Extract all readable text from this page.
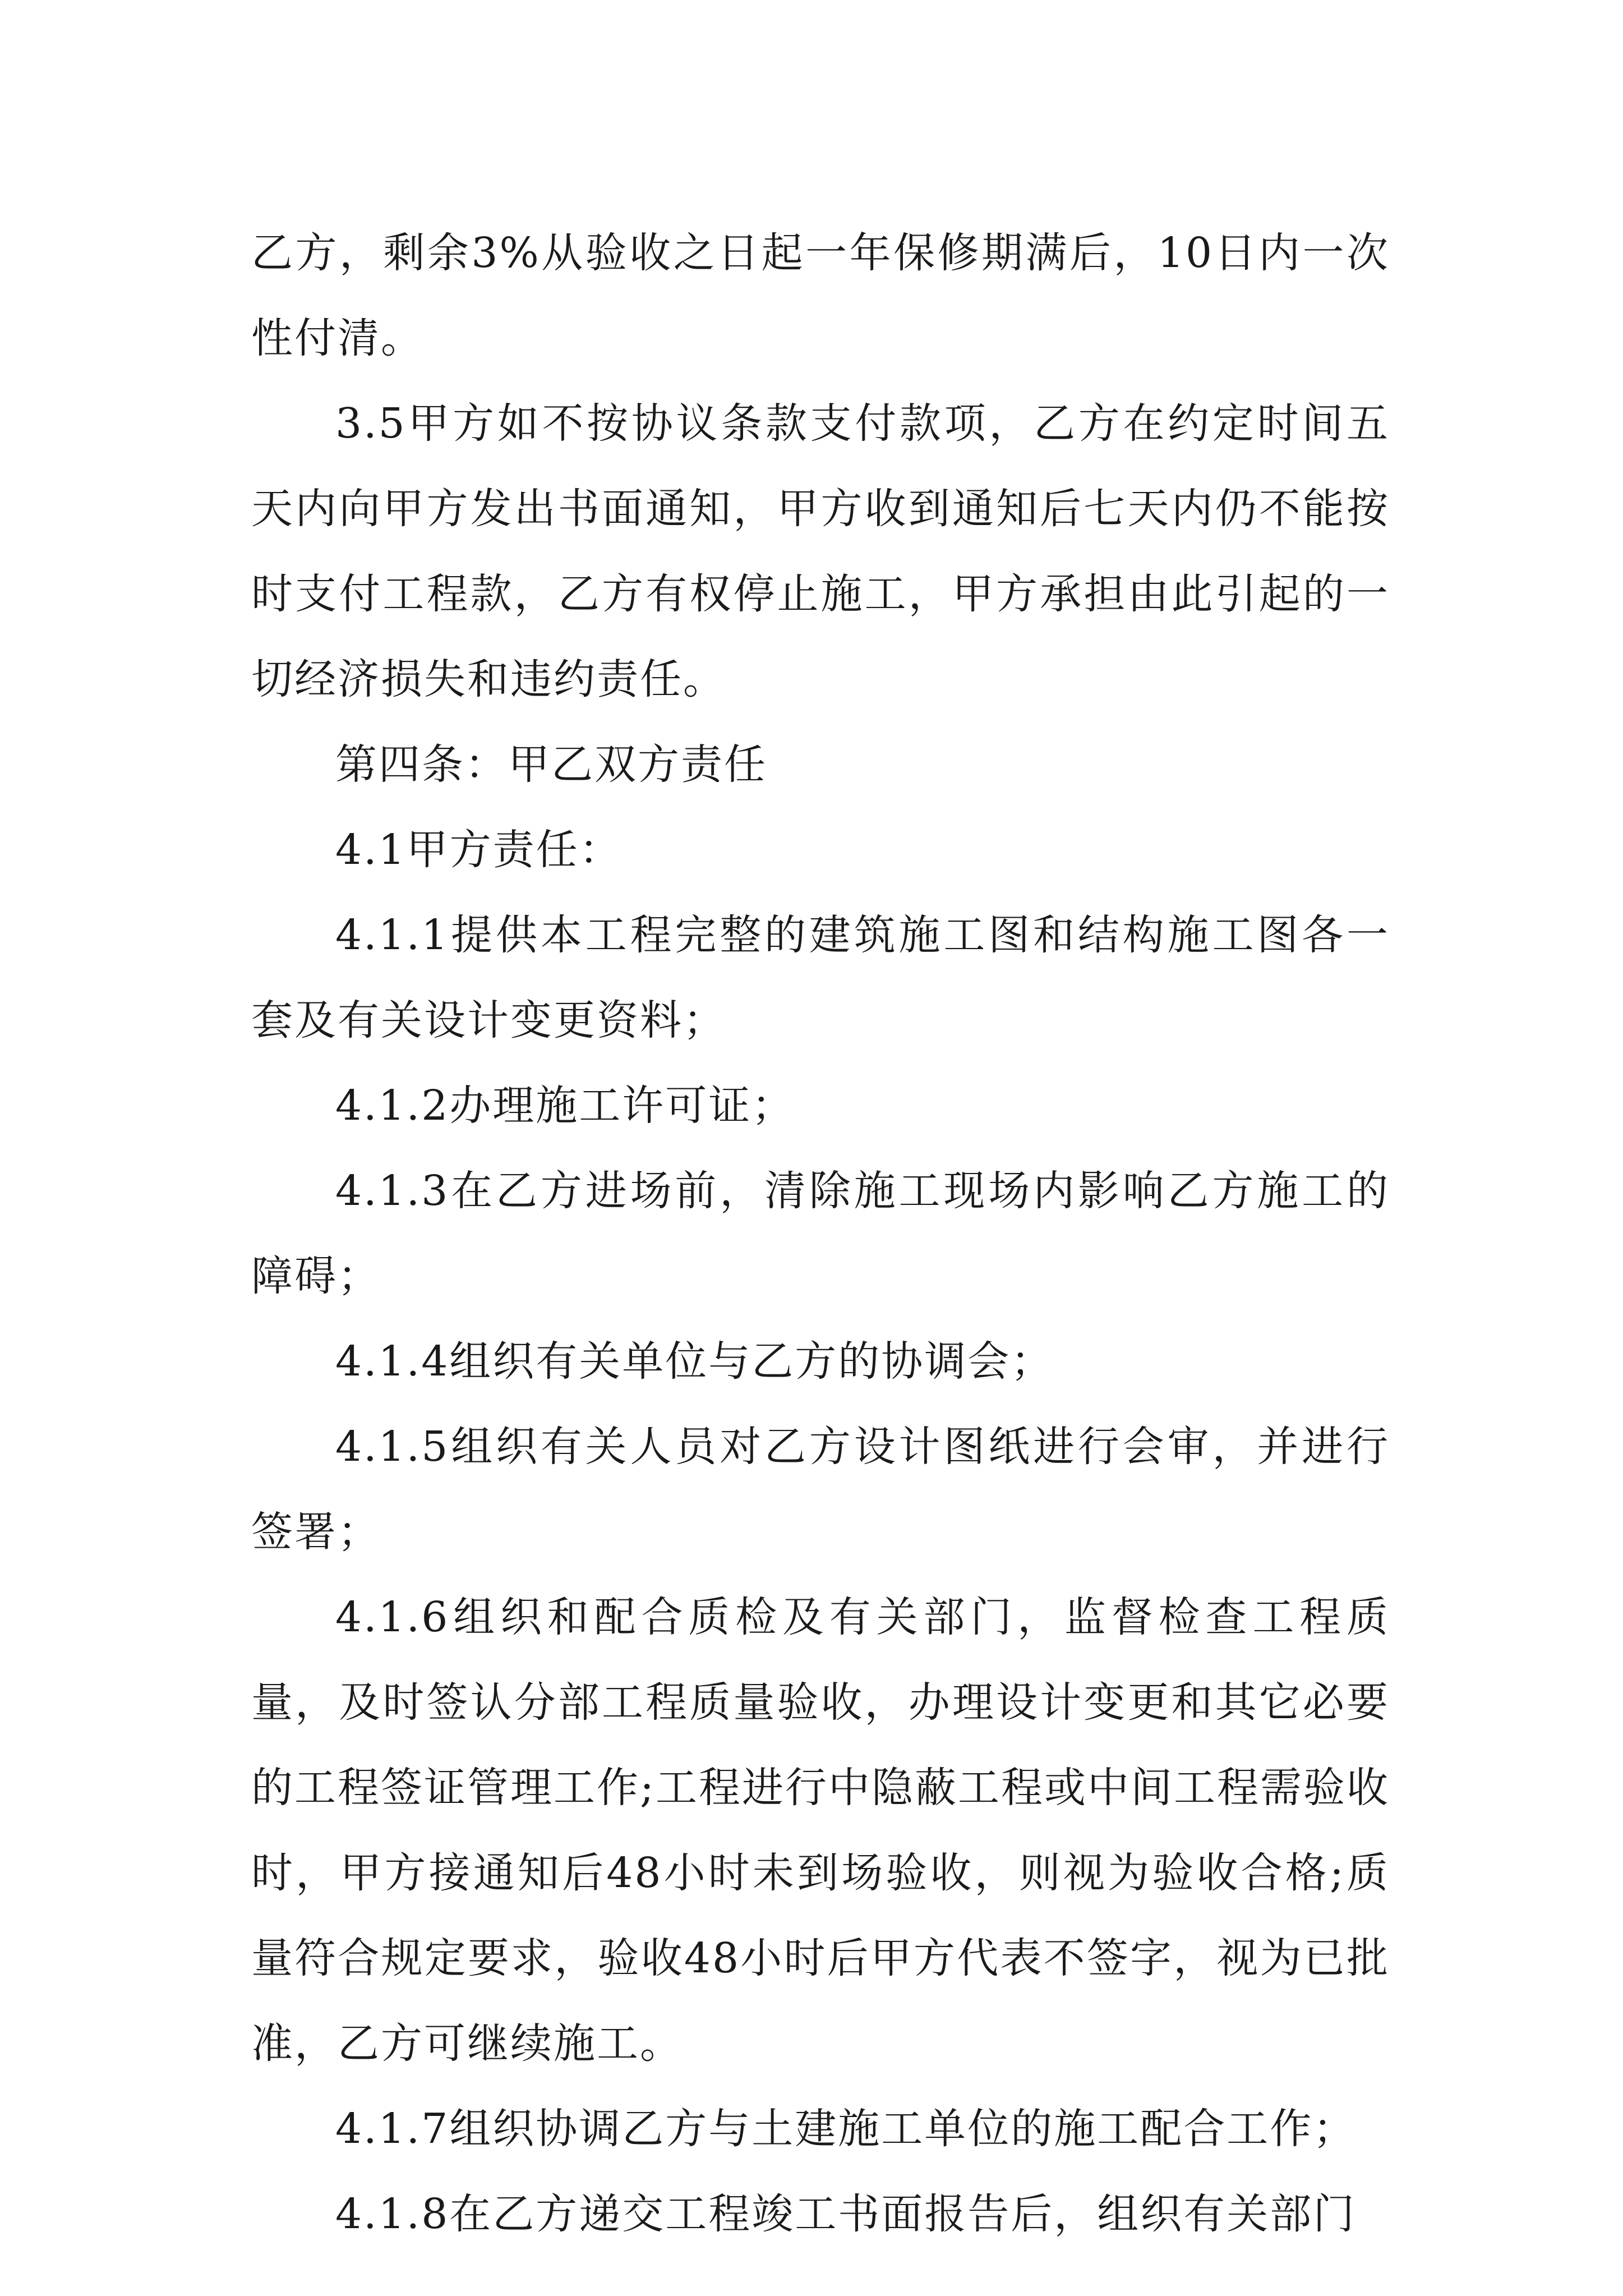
乙方，剩余3%从验收之日起一年保修期满后，10日内一次性付清。

3.5甲方如不按协议条款支付款项，乙方在约定时间五天内向甲方发出书面通知，甲方收到通知后七天内仍不能按时支付工程款，乙方有权停止施工，甲方承担由此引起的一切经济损失和违约责任。

第四条：甲乙双方责任

4.1甲方责任：

4.1.1提供本工程完整的建筑施工图和结构施工图各一套及有关设计变更资料；

4.1.2办理施工许可证；

4.1.3在乙方进场前，清除施工现场内影响乙方施工的障碍；

4.1.4组织有关单位与乙方的协调会；

4.1.5组织有关人员对乙方设计图纸进行会审，并进行签署；

4.1.6组织和配合质检及有关部门，监督检查工程质量，及时签认分部工程质量验收，办理设计变更和其它必要的工程签证管理工作;工程进行中隐蔽工程或中间工程需验收时，甲方接通知后48小时未到场验收，则视为验收合格;质量符合规定要求，验收48小时后甲方代表不签字，视为已批准，乙方可继续施工。

4.1.7组织协调乙方与土建施工单位的施工配合工作；

4.1.8在乙方递交工程竣工书面报告后，组织有关部门
